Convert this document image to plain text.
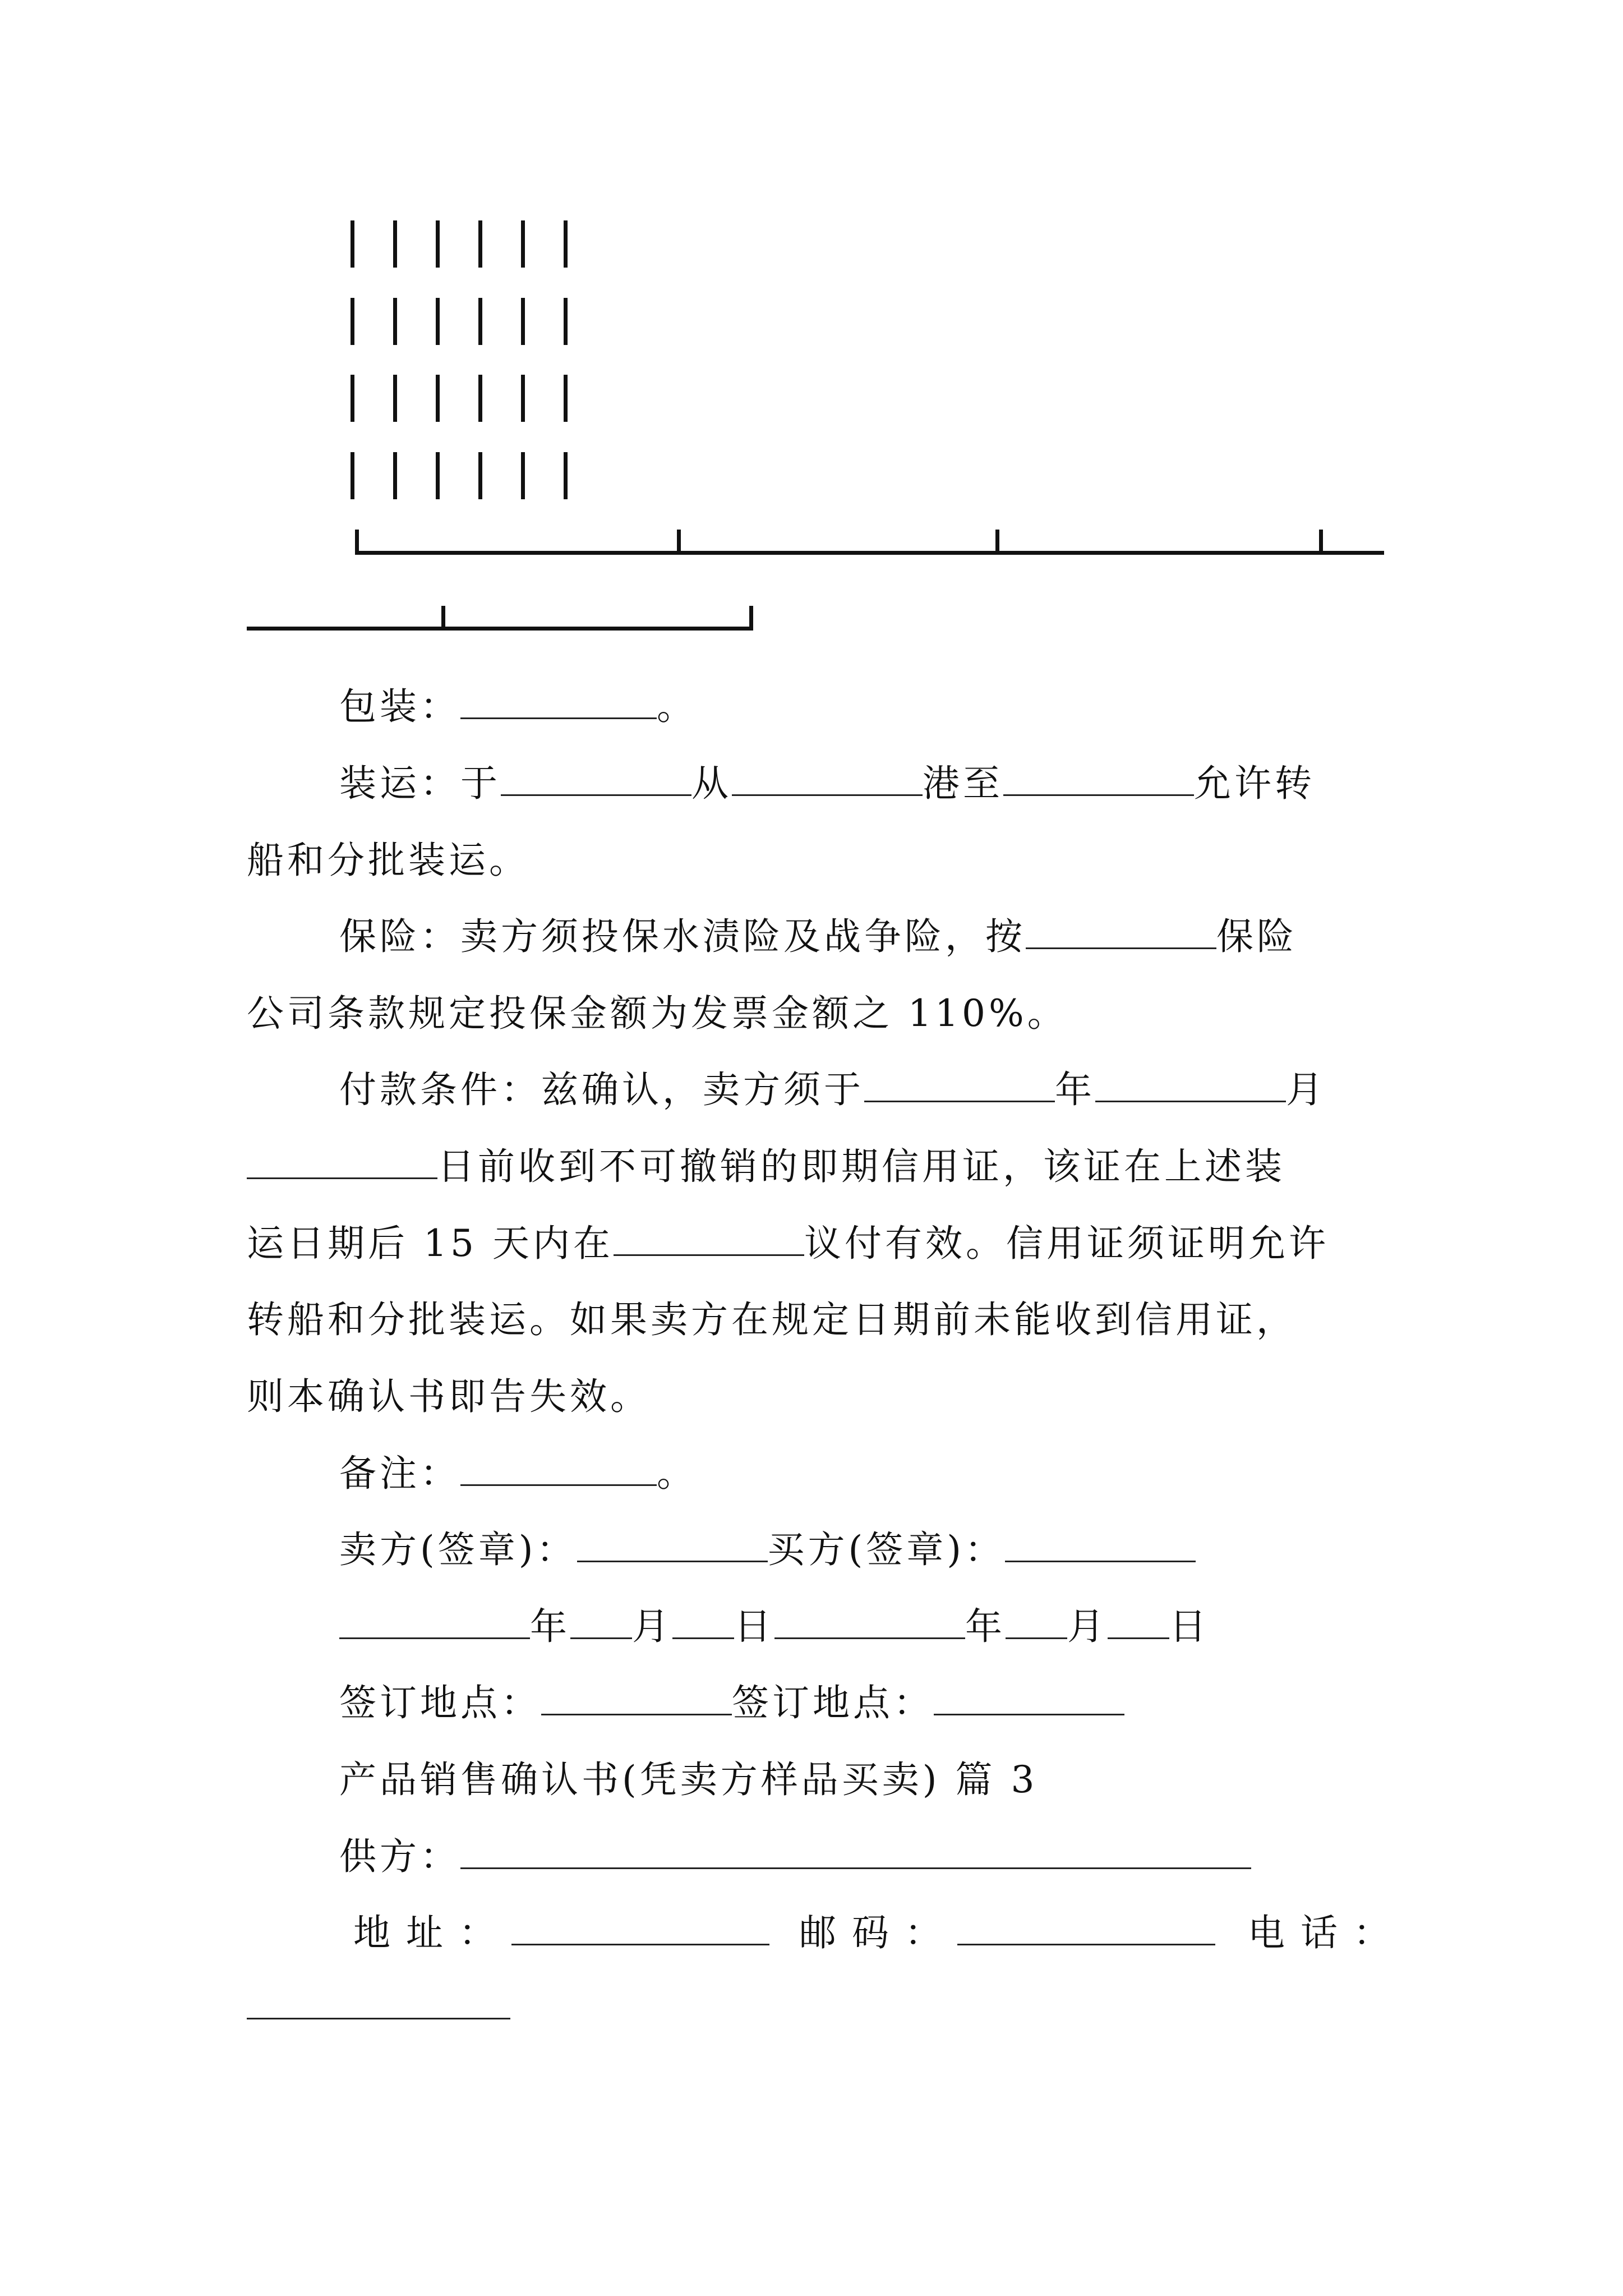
包装：	。
装运：于	从	港至	允许转
船和分批装运。
保险：卖方须投保水渍险及战争险，按	保险
公司条款规定投保金额为发票金额之 110%。
付款条件：兹确认，卖方须于	年	月
日前收到不可撤销的即期信用证，该证在上述装
运日期后 15 天内在	议付有效。信用证须证明允许
转船和分批装运。如果卖方在规定日期前未能收到信用证，
则本确认书即告失效。
备注：	。
卖方(签章)：	买方(签章)：
年 月 日	年 月 日
签订地点：	签订地点：
产品销售确认书(凭卖方样品买卖) 篇 3
供方：
地址：	邮码：	电话：
